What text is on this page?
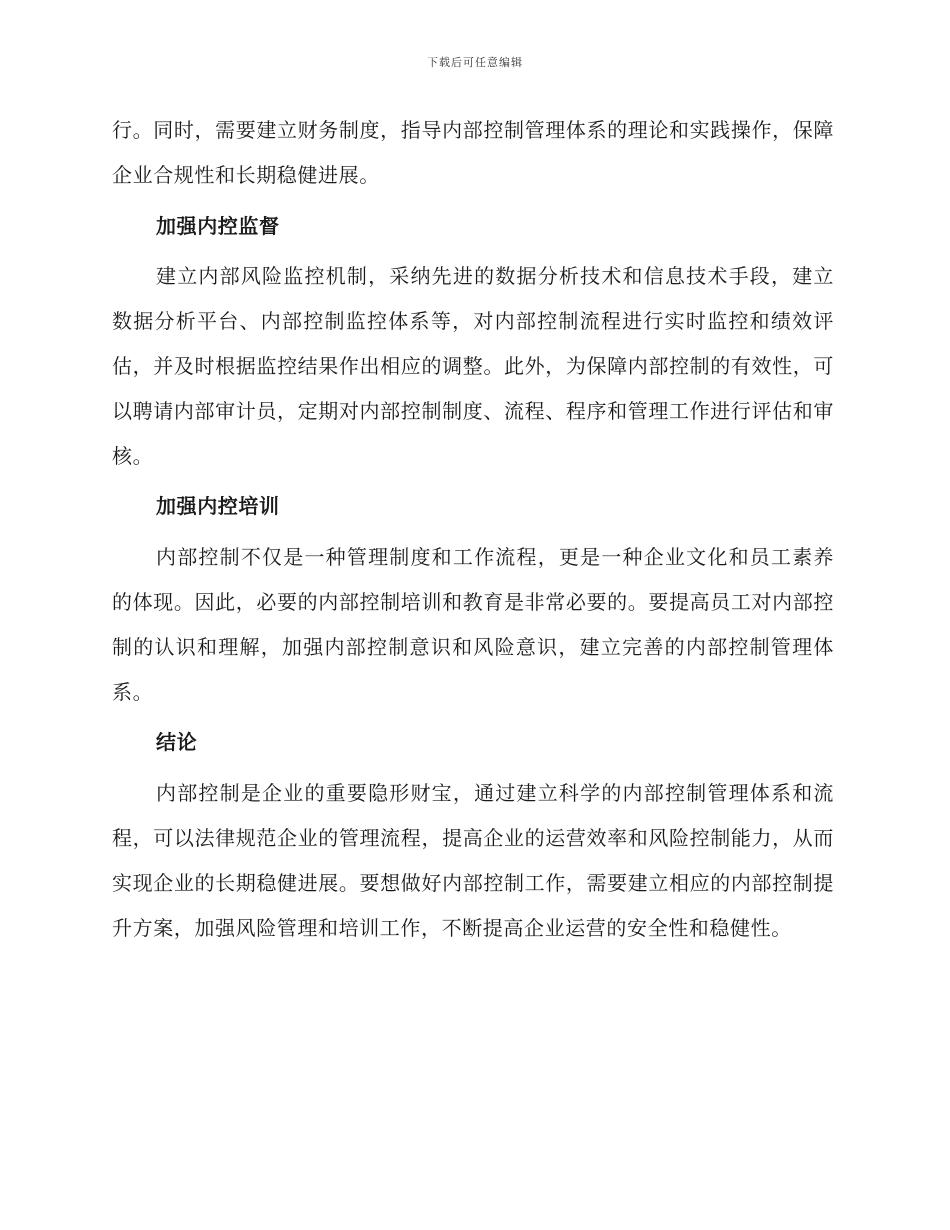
下载后可任意编辑

行。同时，需要建立财务制度，指导内部控制管理体系的理论和实践操作，保障企业合规性和长期稳健进展。

加强内控监督

建立内部风险监控机制，采纳先进的数据分析技术和信息技术手段，建立数据分析平台、内部控制监控体系等，对内部控制流程进行实时监控和绩效评估，并及时根据监控结果作出相应的调整。此外，为保障内部控制的有效性，可以聘请内部审计员，定期对内部控制制度、流程、程序和管理工作进行评估和审核。

加强内控培训

内部控制不仅是一种管理制度和工作流程，更是一种企业文化和员工素养的体现。因此，必要的内部控制培训和教育是非常必要的。要提高员工对内部控制的认识和理解，加强内部控制意识和风险意识，建立完善的内部控制管理体系。

结论

内部控制是企业的重要隐形财宝，通过建立科学的内部控制管理体系和流程，可以法律规范企业的管理流程，提高企业的运营效率和风险控制能力，从而实现企业的长期稳健进展。要想做好内部控制工作，需要建立相应的内部控制提升方案，加强风险管理和培训工作，不断提高企业运营的安全性和稳健性。
